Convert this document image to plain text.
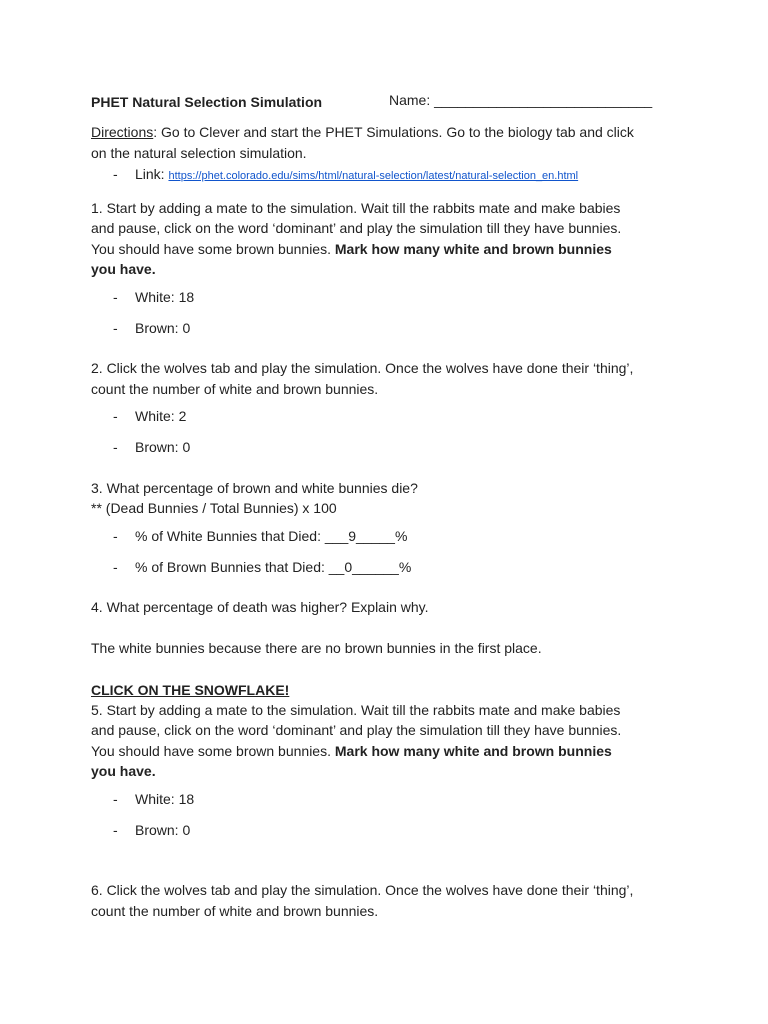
PHET Natural Selection Simulation	Name: ____________________________
Directions: Go to Clever and start the PHET Simulations. Go to the biology tab and click
on the natural selection simulation.
- Link: https://phet.colorado.edu/sims/html/natural-selection/latest/natural-selection_en.html
1. Start by adding a mate to the simulation. Wait till the rabbits mate and make babies
and pause, click on the word ‘dominant’ and play the simulation till they have bunnies.
You should have some brown bunnies. Mark how many white and brown bunnies
you have.
- White: 18
- Brown: 0
2. Click the wolves tab and play the simulation. Once the wolves have done their ‘thing’,
count the number of white and brown bunnies.
- White: 2
- Brown: 0
3. What percentage of brown and white bunnies die?
** (Dead Bunnies / Total Bunnies) x 100
- % of White Bunnies that Died: ___9_____%
- % of Brown Bunnies that Died: __0______%
4. What percentage of death was higher? Explain why.
The white bunnies because there are no brown bunnies in the first place.
CLICK ON THE SNOWFLAKE!
5. Start by adding a mate to the simulation. Wait till the rabbits mate and make babies
and pause, click on the word ‘dominant’ and play the simulation till they have bunnies.
You should have some brown bunnies. Mark how many white and brown bunnies
you have.
- White: 18
- Brown: 0
6. Click the wolves tab and play the simulation. Once the wolves have done their ‘thing’,
count the number of white and brown bunnies.
